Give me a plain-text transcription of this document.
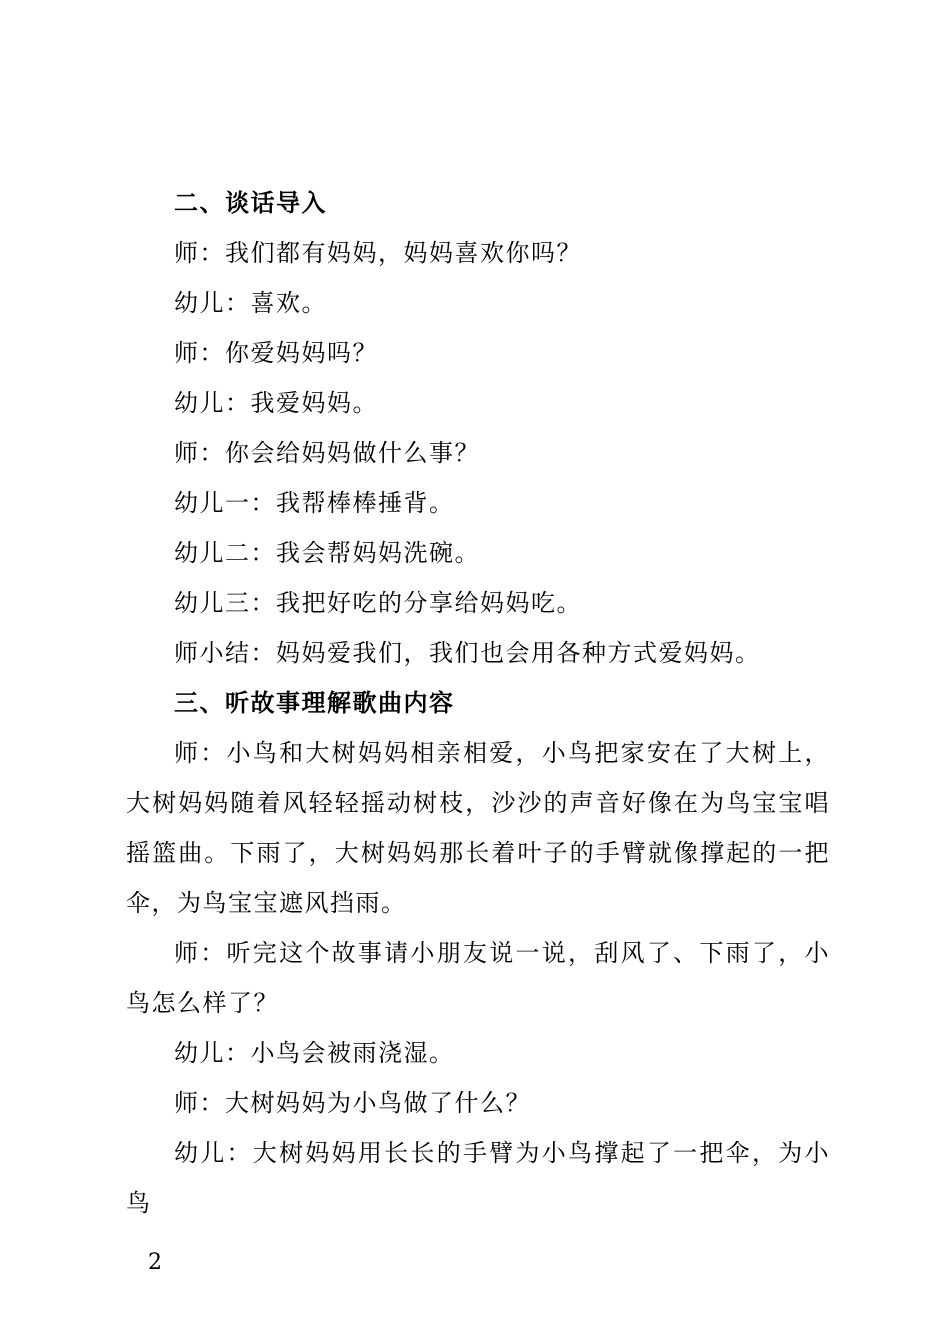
二、谈话导入

师：我们都有妈妈，妈妈喜欢你吗？

幼儿：喜欢。

师：你爱妈妈吗？

幼儿：我爱妈妈。

师：你会给妈妈做什么事？

幼儿一：我帮棒棒捶背。

幼儿二：我会帮妈妈洗碗。

幼儿三：我把好吃的分享给妈妈吃。

师小结：妈妈爱我们，我们也会用各种方式爱妈妈。

三、听故事理解歌曲内容

师：小鸟和大树妈妈相亲相爱，小鸟把家安在了大树上，大树妈妈随着风轻轻摇动树枝，沙沙的声音好像在为鸟宝宝唱摇篮曲。下雨了，大树妈妈那长着叶子的手臂就像撑起的一把伞，为鸟宝宝遮风挡雨。

师：听完这个故事请小朋友说一说，刮风了、下雨了，小鸟怎么样了？

幼儿：小鸟会被雨浇湿。

师：大树妈妈为小鸟做了什么？

幼儿：大树妈妈用长长的手臂为小鸟撑起了一把伞，为小鸟

2
